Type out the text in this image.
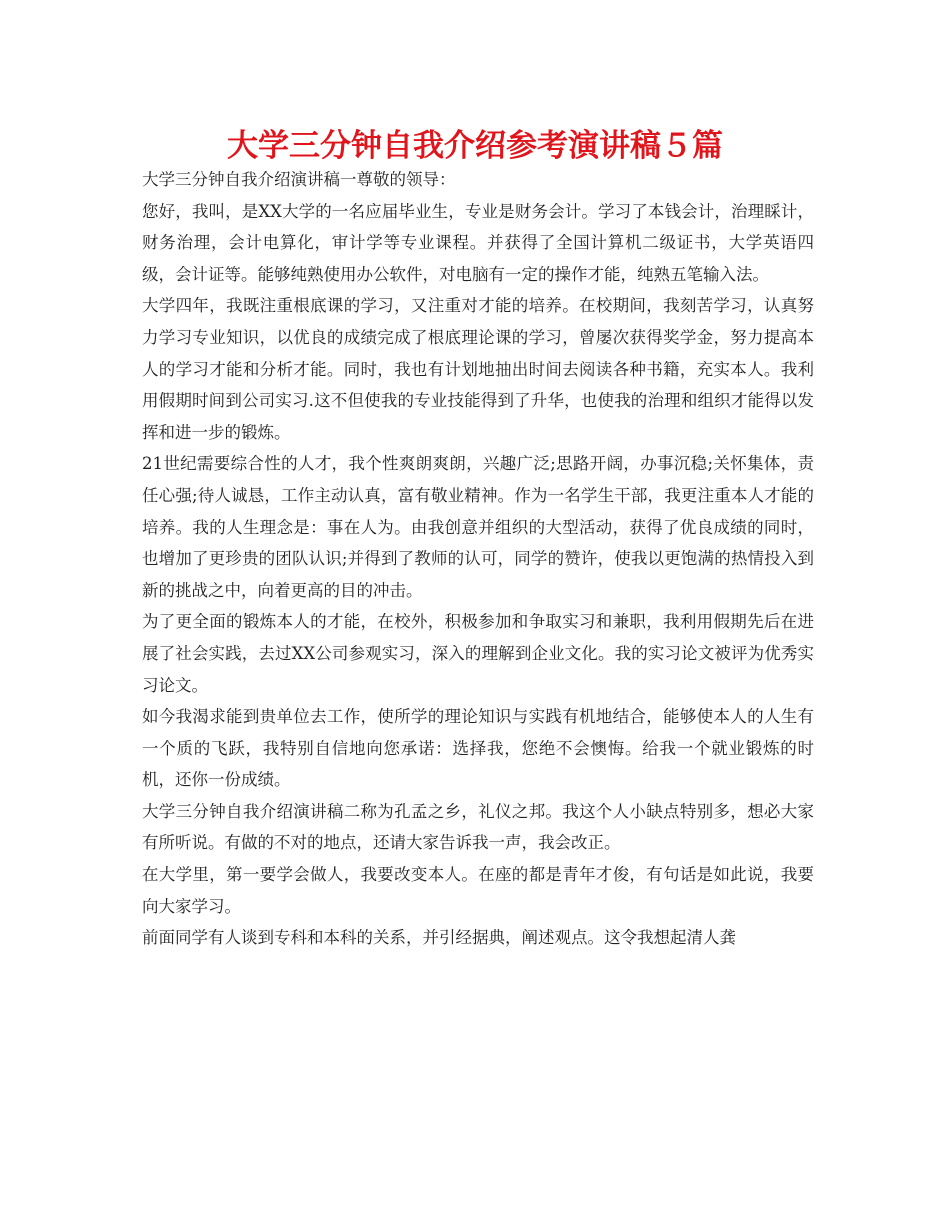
大学三分钟自我介绍参考演讲稿５篇

大学三分钟自我介绍演讲稿一尊敬的领导：

您好，我叫，是XX大学的一名应届毕业生，专业是财务会计。学习了本钱会计，治理睬计，财务治理，会计电算化，审计学等专业课程。并获得了全国计算机二级证书，大学英语四级，会计证等。能够纯熟使用办公软件，对电脑有一定的操作才能，纯熟五笔输入法。

大学四年，我既注重根底课的学习，又注重对才能的培养。在校期间，我刻苦学习，认真努力学习专业知识，以优良的成绩完成了根底理论课的学习，曾屡次获得奖学金，努力提高本人的学习才能和分析才能。同时，我也有计划地抽出时间去阅读各种书籍，充实本人。我利用假期时间到公司实习.这不但使我的专业技能得到了升华，也使我的治理和组织才能得以发挥和进一步的锻炼。

21世纪需要综合性的人才，我个性爽朗爽朗，兴趣广泛;思路开阔，办事沉稳;关怀集体，责任心强;待人诚恳，工作主动认真，富有敬业精神。作为一名学生干部，我更注重本人才能的培养。我的人生理念是：事在人为。由我创意并组织的大型活动，获得了优良成绩的同时，也增加了更珍贵的团队认识;并得到了教师的认可，同学的赞许，使我以更饱满的热情投入到新的挑战之中，向着更高的目的冲击。

为了更全面的锻炼本人的才能，在校外，积极参加和争取实习和兼职，我利用假期先后在进展了社会实践，去过XX公司参观实习，深入的理解到企业文化。我的实习论文被评为优秀实习论文。

如今我渴求能到贵单位去工作，使所学的理论知识与实践有机地结合，能够使本人的人生有一个质的飞跃，我特别自信地向您承诺：选择我，您绝不会懊悔。给我一个就业锻炼的时机，还你一份成绩。

大学三分钟自我介绍演讲稿二称为孔孟之乡，礼仪之邦。我这个人小缺点特别多，想必大家有所听说。有做的不对的地点，还请大家告诉我一声，我会改正。

在大学里，第一要学会做人，我要改变本人。在座的都是青年才俊，有句话是如此说，我要向大家学习。

前面同学有人谈到专科和本科的关系，并引经据典，阐述观点。这令我想起清人龚
